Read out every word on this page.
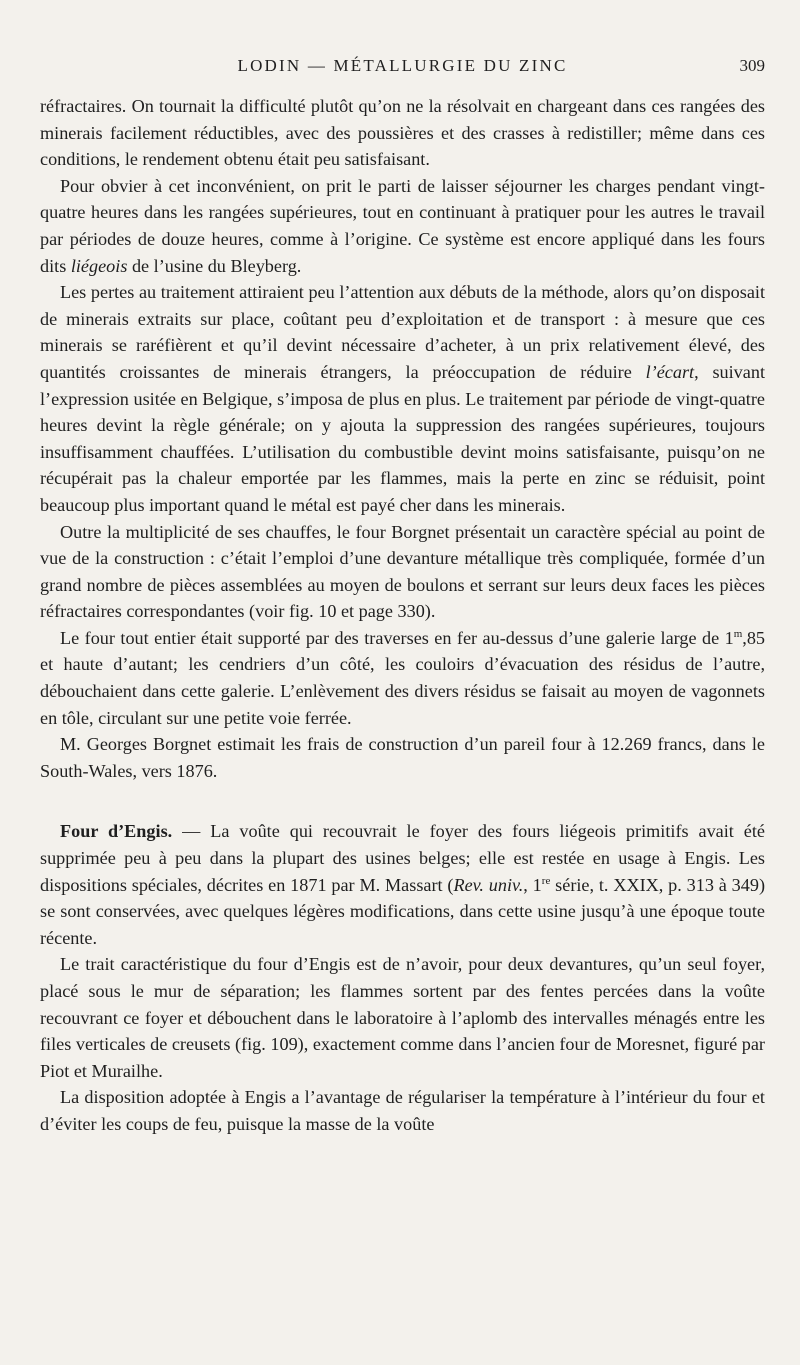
LODIN — MÉTALLURGIE DU ZINC	309

réfractaires. On tournait la difficulté plutôt qu’on ne la résolvait en chargeant dans ces rangées des minerais facilement réductibles, avec des poussières et des crasses à redistiller; même dans ces conditions, le rendement obtenu était peu satisfaisant.

Pour obvier à cet inconvénient, on prit le parti de laisser séjourner les charges pendant vingt-quatre heures dans les rangées supérieures, tout en continuant à pratiquer pour les autres le travail par périodes de douze heures, comme à l’origine. Ce système est encore appliqué dans les fours dits liégeois de l’usine du Bleyberg.

Les pertes au traitement attiraient peu l’attention aux débuts de la méthode, alors qu’on disposait de minerais extraits sur place, coûtant peu d’exploitation et de transport : à mesure que ces minerais se raréfièrent et qu’il devint nécessaire d’acheter, à un prix relativement élevé, des quantités croissantes de minerais étrangers, la préoccupation de réduire l’écart, suivant l’expression usitée en Belgique, s’imposa de plus en plus. Le traitement par période de vingt-quatre heures devint la règle générale; on y ajouta la suppression des rangées supérieures, toujours insuffisamment chauffées. L’utilisation du combustible devint moins satisfaisante, puisqu’on ne récupérait pas la chaleur emportée par les flammes, mais la perte en zinc se réduisit, point beaucoup plus important quand le métal est payé cher dans les minerais.

Outre la multiplicité de ses chauffes, le four Borgnet présentait un caractère spécial au point de vue de la construction : c’était l’emploi d’une devanture métallique très compliquée, formée d’un grand nombre de pièces assemblées au moyen de boulons et serrant sur leurs deux faces les pièces réfractaires correspondantes (voir fig. 10 et page 330).

Le four tout entier était supporté par des traverses en fer au-dessus d’une galerie large de 1$^m$,85 et haute d’autant; les cendriers d’un côté, les couloirs d’évacuation des résidus de l’autre, débouchaient dans cette galerie. L’enlèvement des divers résidus se faisait au moyen de vagonnets en tôle, circulant sur une petite voie ferrée.

M. Georges Borgnet estimait les frais de construction d’un pareil four à 12.269 francs, dans le South-Wales, vers 1876.

Four d’Engis. — La voûte qui recouvrait le foyer des fours liégeois primitifs avait été supprimée peu à peu dans la plupart des usines belges; elle est restée en usage à Engis. Les dispositions spéciales, décrites en 1871 par M. Massart (Rev. univ., 1re série, t. XXIX, p. 313 à 349) se sont conservées, avec quelques légères modifications, dans cette usine jusqu’à une époque toute récente.

Le trait caractéristique du four d’Engis est de n’avoir, pour deux devantures, qu’un seul foyer, placé sous le mur de séparation; les flammes sortent par des fentes percées dans la voûte recouvrant ce foyer et débouchent dans le laboratoire à l’aplomb des intervalles ménagés entre les files verticales de creusets (fig. 109), exactement comme dans l’ancien four de Moresnet, figuré par Piot et Murailhe.

La disposition adoptée à Engis a l’avantage de régulariser la température à l’intérieur du four et d’éviter les coups de feu, puisque la masse de la voûte
